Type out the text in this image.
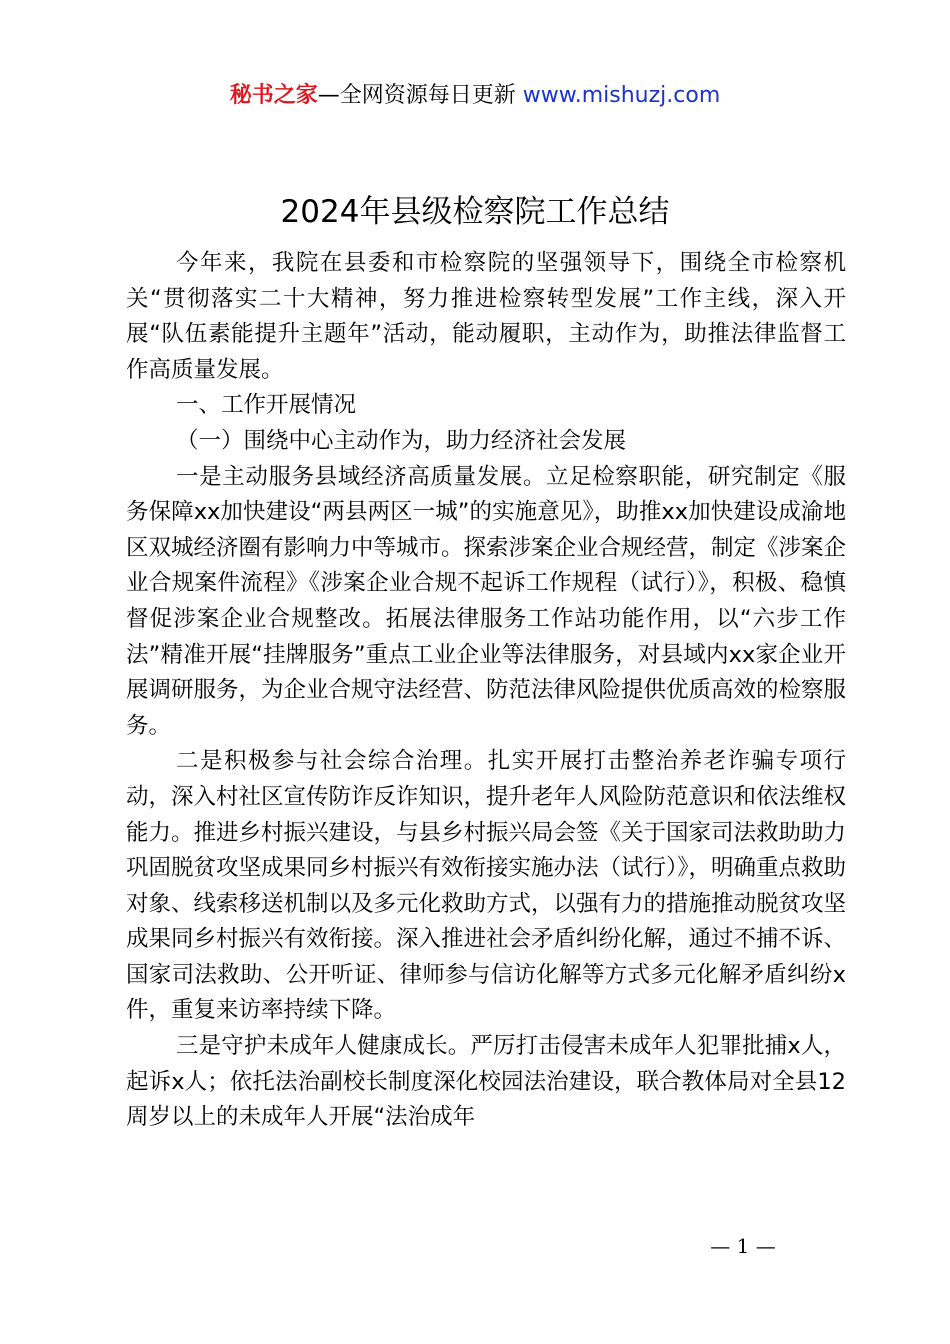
秘书之家—全网资源每日更新 www.mishuzj.com
2024年县级检察院工作总结

今年来，我院在县委和市检察院的坚强领导下，围绕全市检察机关“贯彻落实二十大精神，努力推进检察转型发展”工作主线，深入开展“队伍素能提升主题年”活动，能动履职，主动作为，助推法律监督工作高质量发展。

一、工作开展情况

（一）围绕中心主动作为，助力经济社会发展

一是主动服务县域经济高质量发展。立足检察职能，研究制定《服务保障xx加快建设“两县两区一城”的实施意见》，助推xx加快建设成渝地区双城经济圈有影响力中等城市。探索涉案企业合规经营，制定《涉案企业合规案件流程》《涉案企业合规不起诉工作规程（试行）》，积极、稳慎督促涉案企业合规整改。拓展法律服务工作站功能作用，以“六步工作法”精准开展“挂牌服务”重点工业企业等法律服务，对县域内xx家企业开展调研服务，为企业合规守法经营、防范法律风险提供优质高效的检察服务。

二是积极参与社会综合治理。扎实开展打击整治养老诈骗专项行动，深入村社区宣传防诈反诈知识，提升老年人风险防范意识和依法维权能力。推进乡村振兴建设，与县乡村振兴局会签《关于国家司法救助助力巩固脱贫攻坚成果同乡村振兴有效衔接实施办法（试行）》，明确重点救助对象、线索移送机制以及多元化救助方式，以强有力的措施推动脱贫攻坚成果同乡村振兴有效衔接。深入推进社会矛盾纠纷化解，通过不捕不诉、国家司法救助、公开听证、律师参与信访化解等方式多元化解矛盾纠纷x件，重复来访率持续下降。

三是守护未成年人健康成长。严厉打击侵害未成年人犯罪批捕x人，起诉x人；依托法治副校长制度深化校园法治建设，联合教体局对全县12周岁以上的未成年人开展“法治成年

— 1 —
